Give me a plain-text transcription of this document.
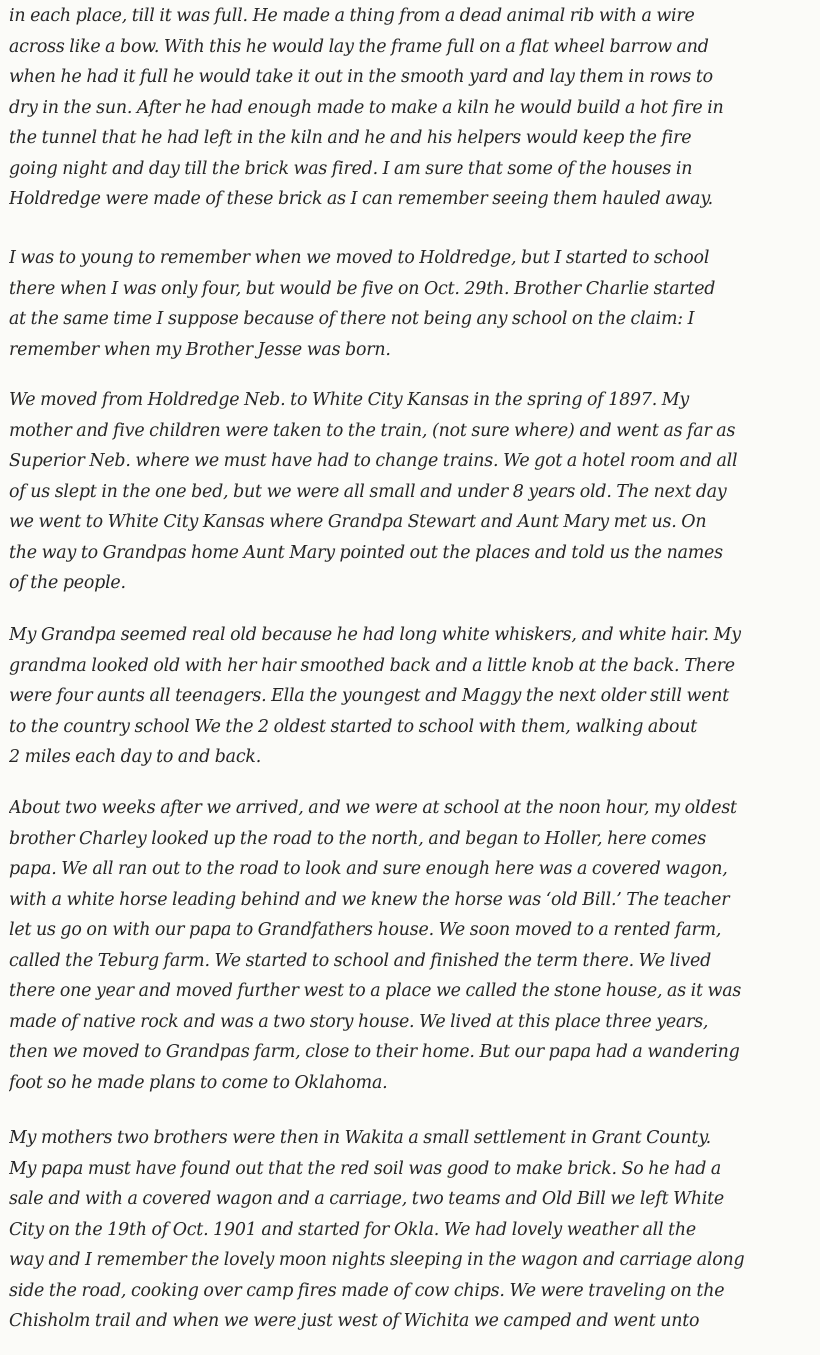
in each place, till it was full. He made a thing from a dead animal rib with a wire
across like a bow. With this he would lay the frame full on a flat wheel barrow and
when he had it full he would take it out in the smooth yard and lay them in rows to
dry in the sun. After he had enough made to make a kiln he would build a hot fire in
the tunnel that he had left in the kiln and he and his helpers would keep the fire
going night and day till the brick was fired. I am sure that some of the houses in
Holdredge were made of these brick as I can remember seeing them hauled away.
I was to young to remember when we moved to Holdredge, but I started to school
there when I was only four, but would be five on Oct. 29th. Brother Charlie started
at the same time I suppose because of there not being any school on the claim: I
remember when my Brother Jesse was born.
We moved from Holdredge Neb. to White City Kansas in the spring of 1897. My
mother and five children were taken to the train, (not sure where) and went as far as
Superior Neb. where we must have had to change trains. We got a hotel room and all
of us slept in the one bed, but we were all small and under 8 years old. The next day
we went to White City Kansas where Grandpa Stewart and Aunt Mary met us. On
the way to Grandpas home Aunt Mary pointed out the places and told us the names
of the people.
My Grandpa seemed real old because he had long white whiskers, and white hair. My
grandma looked old with her hair smoothed back and a little knob at the back. There
were four aunts all teenagers. Ella the youngest and Maggy the next older still went
to the country school We the 2 oldest started to school with them, walking about
2 miles each day to and back.
About two weeks after we arrived, and we were at school at the noon hour, my oldest
brother Charley looked up the road to the north, and began to Holler, here comes
papa. We all ran out to the road to look and sure enough here was a covered wagon,
with a white horse leading behind and we knew the horse was ‘old Bill.’ The teacher
let us go on with our papa to Grandfathers house. We soon moved to a rented farm,
called the Teburg farm. We started to school and finished the term there. We lived
there one year and moved further west to a place we called the stone house, as it was
made of native rock and was a two story house. We lived at this place three years,
then we moved to Grandpas farm, close to their home. But our papa had a wandering
foot so he made plans to come to Oklahoma.
My mothers two brothers were then in Wakita a small settlement in Grant County.
My papa must have found out that the red soil was good to make brick. So he had a
sale and with a covered wagon and a carriage, two teams and Old Bill we left White
City on the 19th of Oct. 1901 and started for Okla. We had lovely weather all the
way and I remember the lovely moon nights sleeping in the wagon and carriage along
side the road, cooking over camp fires made of cow chips. We were traveling on the
Chisholm trail and when we were just west of Wichita we camped and went unto
